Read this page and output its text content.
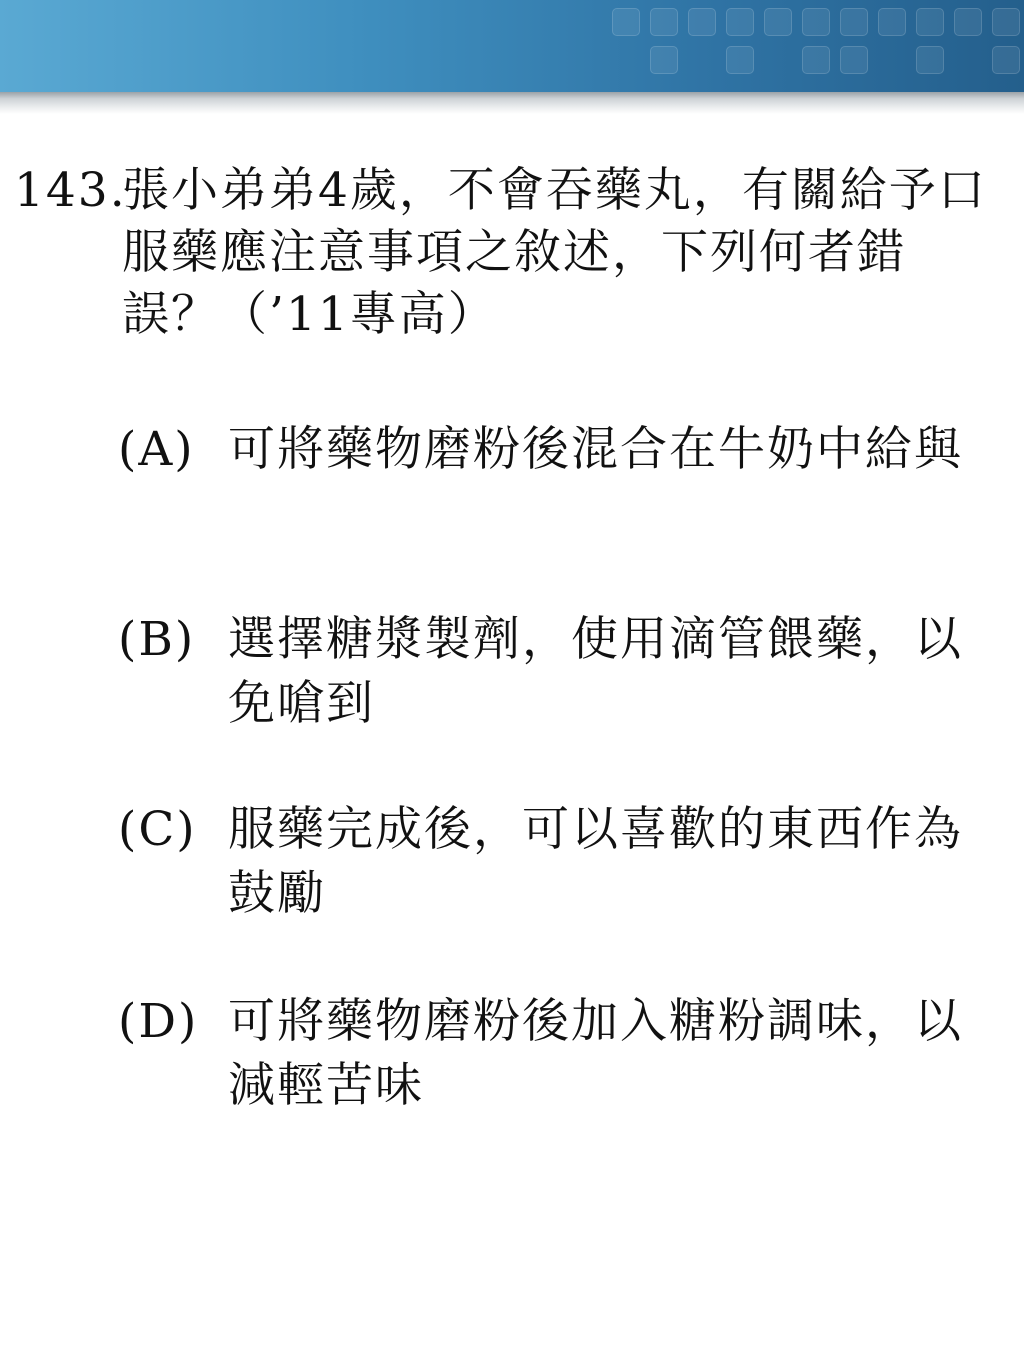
143.
張小弟弟4歲，不會吞藥丸，有關給予口服藥應注意事項之敘述，下列何者錯誤？（’11專高）
(A) 可將藥物磨粉後混合在牛奶中給與
(B) 選擇糖漿製劑，使用滴管餵藥，以免嗆到
(C) 服藥完成後，可以喜歡的東西作為鼓勵
(D) 可將藥物磨粉後加入糖粉調味，以減輕苦味
